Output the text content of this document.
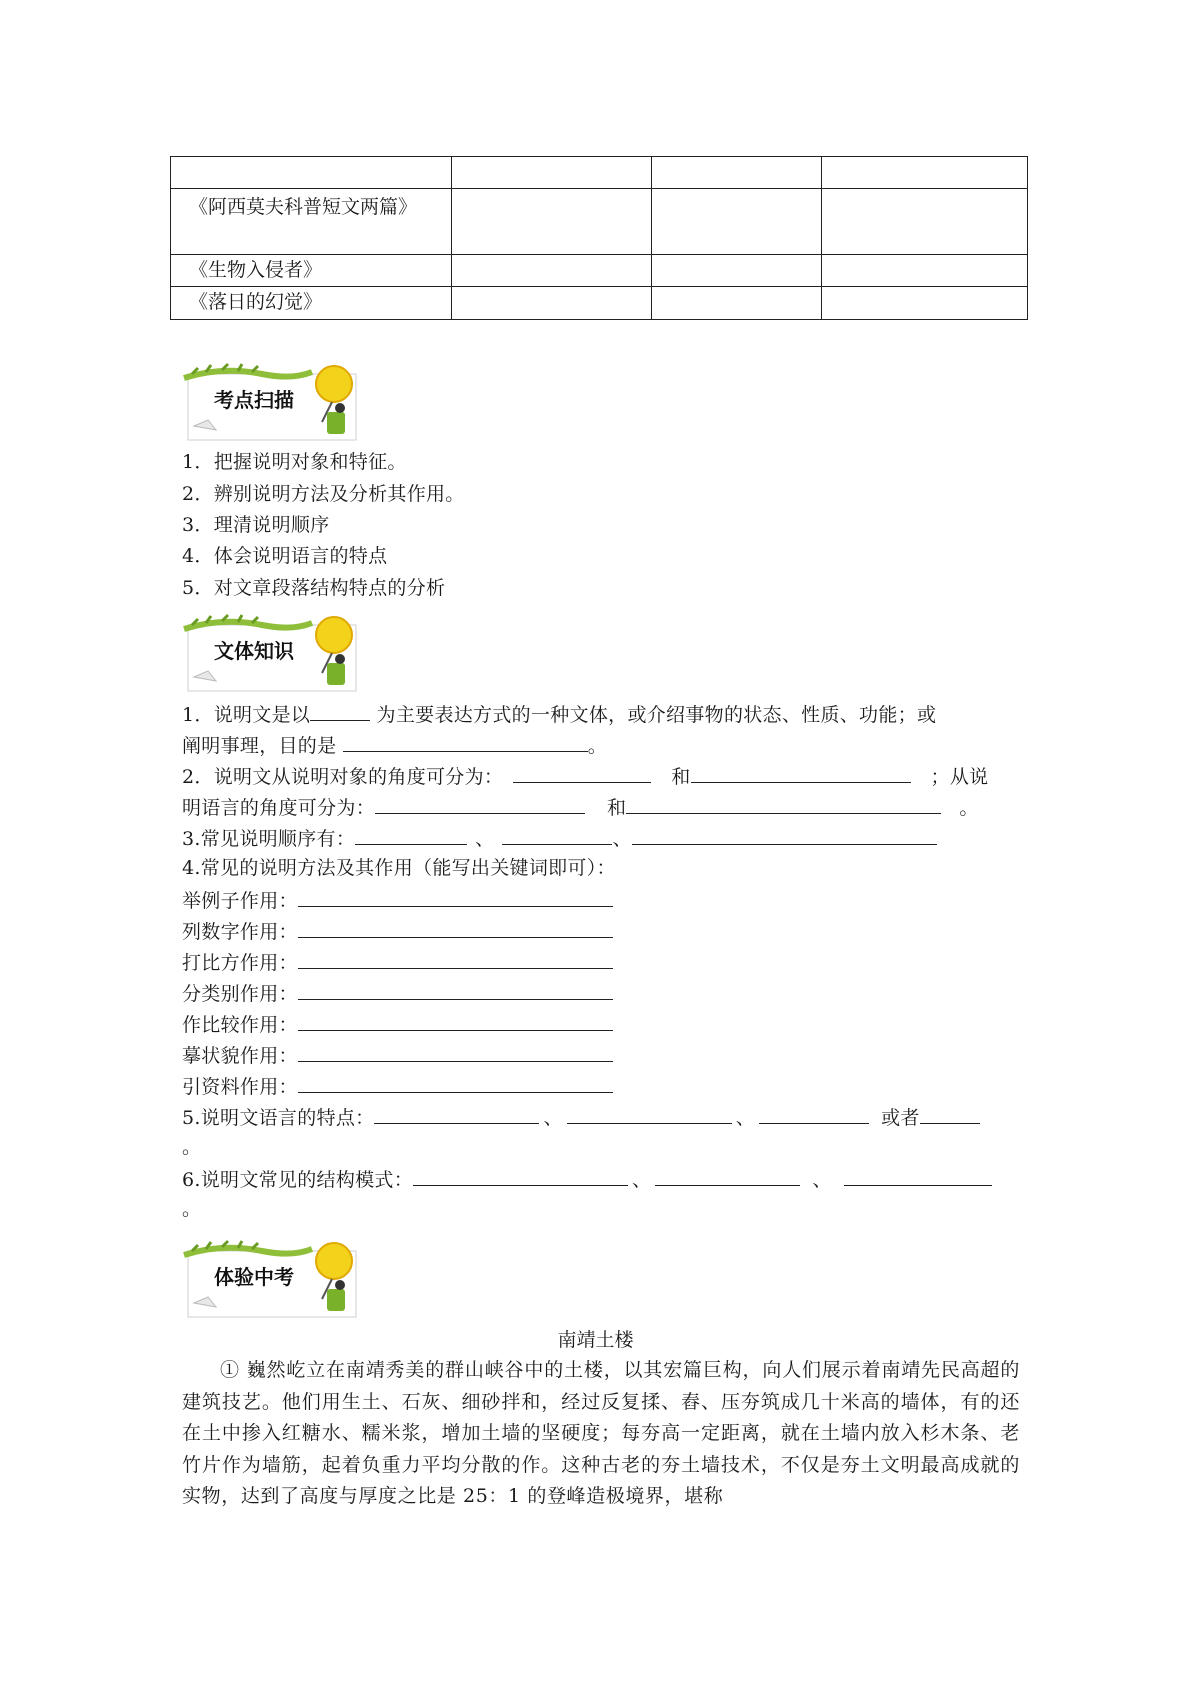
《阿西莫夫科普短文两篇》			
《生物入侵者》			
《落日的幻觉》			
考点扫描
1．把握说明对象和特征。
2．辨别说明方法及分析其作用。
3．理清说明顺序
4．体会说明语言的特点
5．对文章段落结构特点的分析
文体知识
1．说明文是以	为主要表达方式的一种文体，或介绍事物的状态、性质、功能；或
阐明事理，目的是	。
2．说明文从说明对象的角度可分为：	和	；从说
明语言的角度可分为：	和	。
3.常见说明顺序有：	、	、
4.常见的说明方法及其作用（能写出关键词即可）：
举例子作用：
列数字作用：
打比方作用：
分类别作用：
作比较作用：
摹状貌作用：
引资料作用：
5.说明文语言的特点：	、	、	或者
。
6.说明文常见的结构模式：	、	、
。
体验中考
南靖土楼
① 巍然屹立在南靖秀美的群山峡谷中的土楼，以其宏篇巨构，向人们展示着南靖先民高超的建筑技艺。他们用生土、石灰、细砂拌和，经过反复揉、舂、压夯筑成几十米高的墙体，有的还在土中掺入红糖水、糯米浆，增加土墙的坚硬度；每夯高一定距离，就在土墙内放入杉木条、老竹片作为墙筋，起着负重力平均分散的作。这种古老的夯土墙技术，不仅是夯土文明最高成就的实物，达到了高度与厚度之比是 25：1 的登峰造极境界，堪称
